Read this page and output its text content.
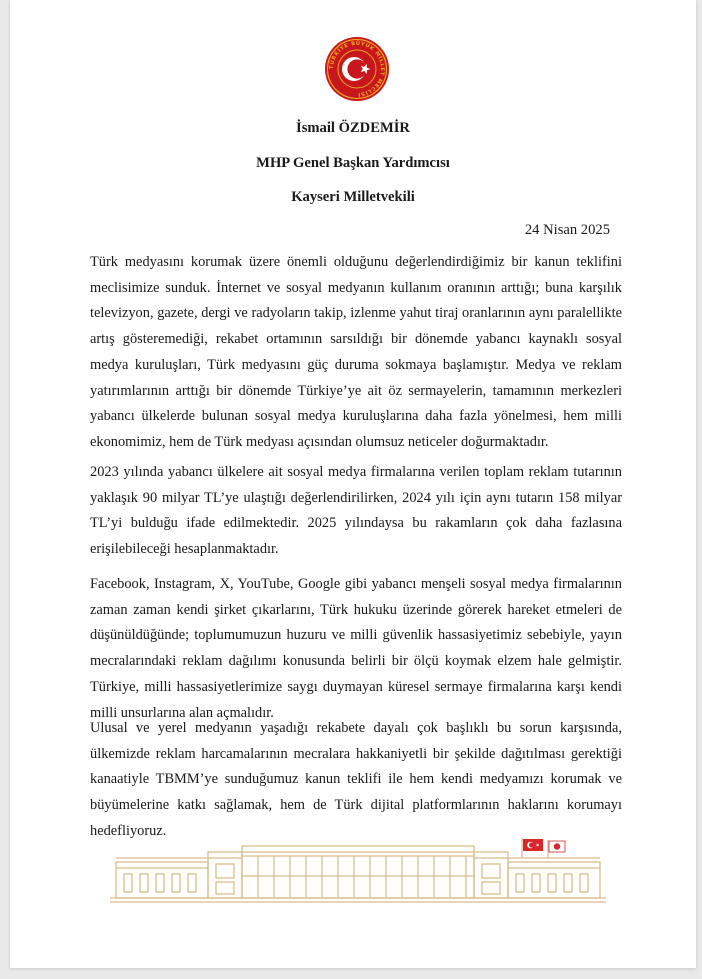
TÜRKİYE BÜYÜK MİLLET MECLİSİ
İsmail ÖZDEMİR
MHP Genel Başkan Yardımcısı
Kayseri Milletvekili
24 Nisan 2025

Türk medyasını korumak üzere önemli olduğunu değerlendirdiğimiz bir kanun teklifini meclisimize sunduk. İnternet ve sosyal medyanın kullanım oranının arttığı; buna karşılık televizyon, gazete, dergi ve radyoların takip, izlenme yahut tiraj oranlarının aynı paralellikte artış gösteremediği, rekabet ortamının sarsıldığı bir dönemde yabancı kaynaklı sosyal medya kuruluşları, Türk medyasını güç duruma sokmaya başlamıştır. Medya ve reklam yatırımlarının arttığı bir dönemde Türkiye’ye ait öz sermayelerin, tamamının merkezleri yabancı ülkelerde bulunan sosyal medya kuruluşlarına daha fazla yönelmesi, hem milli ekonomimiz, hem de Türk medyası açısından olumsuz neticeler doğurmaktadır.

2023 yılında yabancı ülkelere ait sosyal medya firmalarına verilen toplam reklam tutarının yaklaşık 90 milyar TL’ye ulaştığı değerlendirilirken, 2024 yılı için aynı tutarın 158 milyar TL’yi bulduğu ifade edilmektedir. 2025 yılındaysa bu rakamların çok daha fazlasına erişilebileceği hesaplanmaktadır.

Facebook, Instagram, X, YouTube, Google gibi yabancı menşeli sosyal medya firmalarının zaman zaman kendi şirket çıkarlarını, Türk hukuku üzerinde görerek hareket etmeleri de düşünüldüğünde; toplumumuzun huzuru ve milli güvenlik hassasiyetimiz sebebiyle, yayın mecralarındaki reklam dağılımı konusunda belirli bir ölçü koymak elzem hale gelmiştir. Türkiye, milli hassasiyetlerimize saygı duymayan küresel sermaye firmalarına karşı kendi milli unsurlarına alan açmalıdır.

Ulusal ve yerel medyanın yaşadığı rekabete dayalı çok başlıklı bu sorun karşısında, ülkemizde reklam harcamalarının mecralara hakkaniyetli bir şekilde dağıtılması gerektiği kanaatiyle TBMM’ye sunduğumuz kanun teklifi ile hem kendi medyamızı korumak ve büyümelerine katkı sağlamak, hem de Türk dijital platformlarının haklarını korumayı hedefliyoruz.
